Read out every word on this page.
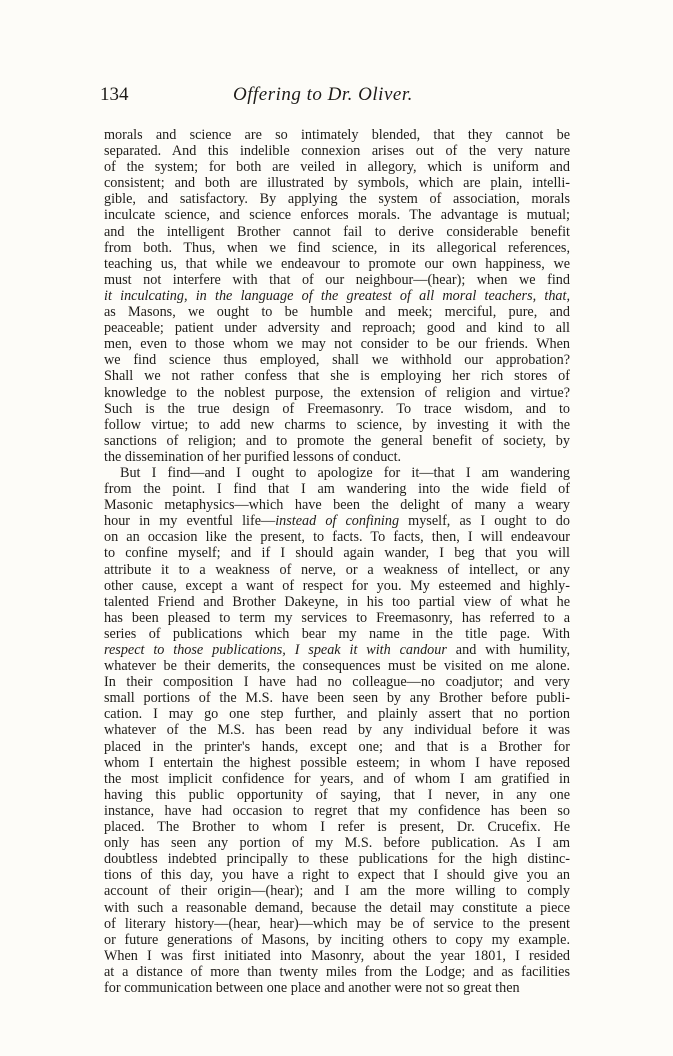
134	Offering to Dr. Oliver.
morals and science are so intimately blended, that they cannot be
separated. And this indelible connexion arises out of the very nature
of the system; for both are veiled in allegory, which is uniform and
consistent; and both are illustrated by symbols, which are plain, intelli-
gible, and satisfactory. By applying the system of association, morals
inculcate science, and science enforces morals. The advantage is mutual;
and the intelligent Brother cannot fail to derive considerable benefit
from both. Thus, when we find science, in its allegorical references,
teaching us, that while we endeavour to promote our own happiness, we
must not interfere with that of our neighbour—(hear); when we find
it inculcating, in the language of the greatest of all moral teachers, that,
as Masons, we ought to be humble and meek; merciful, pure, and
peaceable; patient under adversity and reproach; good and kind to all
men, even to those whom we may not consider to be our friends. When
we find science thus employed, shall we withhold our approbation?
Shall we not rather confess that she is employing her rich stores of
knowledge to the noblest purpose, the extension of religion and virtue?
Such is the true design of Freemasonry. To trace wisdom, and to
follow virtue; to add new charms to science, by investing it with the
sanctions of religion; and to promote the general benefit of society, by
the dissemination of her purified lessons of conduct.
But I find—and I ought to apologize for it—that I am wandering
from the point. I find that I am wandering into the wide field of
Masonic metaphysics—which have been the delight of many a weary
hour in my eventful life—instead of confining myself, as I ought to do
on an occasion like the present, to facts. To facts, then, I will endeavour
to confine myself; and if I should again wander, I beg that you will
attribute it to a weakness of nerve, or a weakness of intellect, or any
other cause, except a want of respect for you. My esteemed and highly-
talented Friend and Brother Dakeyne, in his too partial view of what he
has been pleased to term my services to Freemasonry, has referred to a
series of publications which bear my name in the title page. With
respect to those publications, I speak it with candour and with humility,
whatever be their demerits, the consequences must be visited on me alone.
In their composition I have had no colleague—no coadjutor; and very
small portions of the M.S. have been seen by any Brother before publi-
cation. I may go one step further, and plainly assert that no portion
whatever of the M.S. has been read by any individual before it was
placed in the printer's hands, except one; and that is a Brother for
whom I entertain the highest possible esteem; in whom I have reposed
the most implicit confidence for years, and of whom I am gratified in
having this public opportunity of saying, that I never, in any one
instance, have had occasion to regret that my confidence has been so
placed. The Brother to whom I refer is present, Dr. Crucefix. He
only has seen any portion of my M.S. before publication. As I am
doubtless indebted principally to these publications for the high distinc-
tions of this day, you have a right to expect that I should give you an
account of their origin—(hear); and I am the more willing to comply
with such a reasonable demand, because the detail may constitute a piece
of literary history—(hear, hear)—which may be of service to the present
or future generations of Masons, by inciting others to copy my example.
When I was first initiated into Masonry, about the year 1801, I resided
at a distance of more than twenty miles from the Lodge; and as facilities
for communication between one place and another were not so great then
